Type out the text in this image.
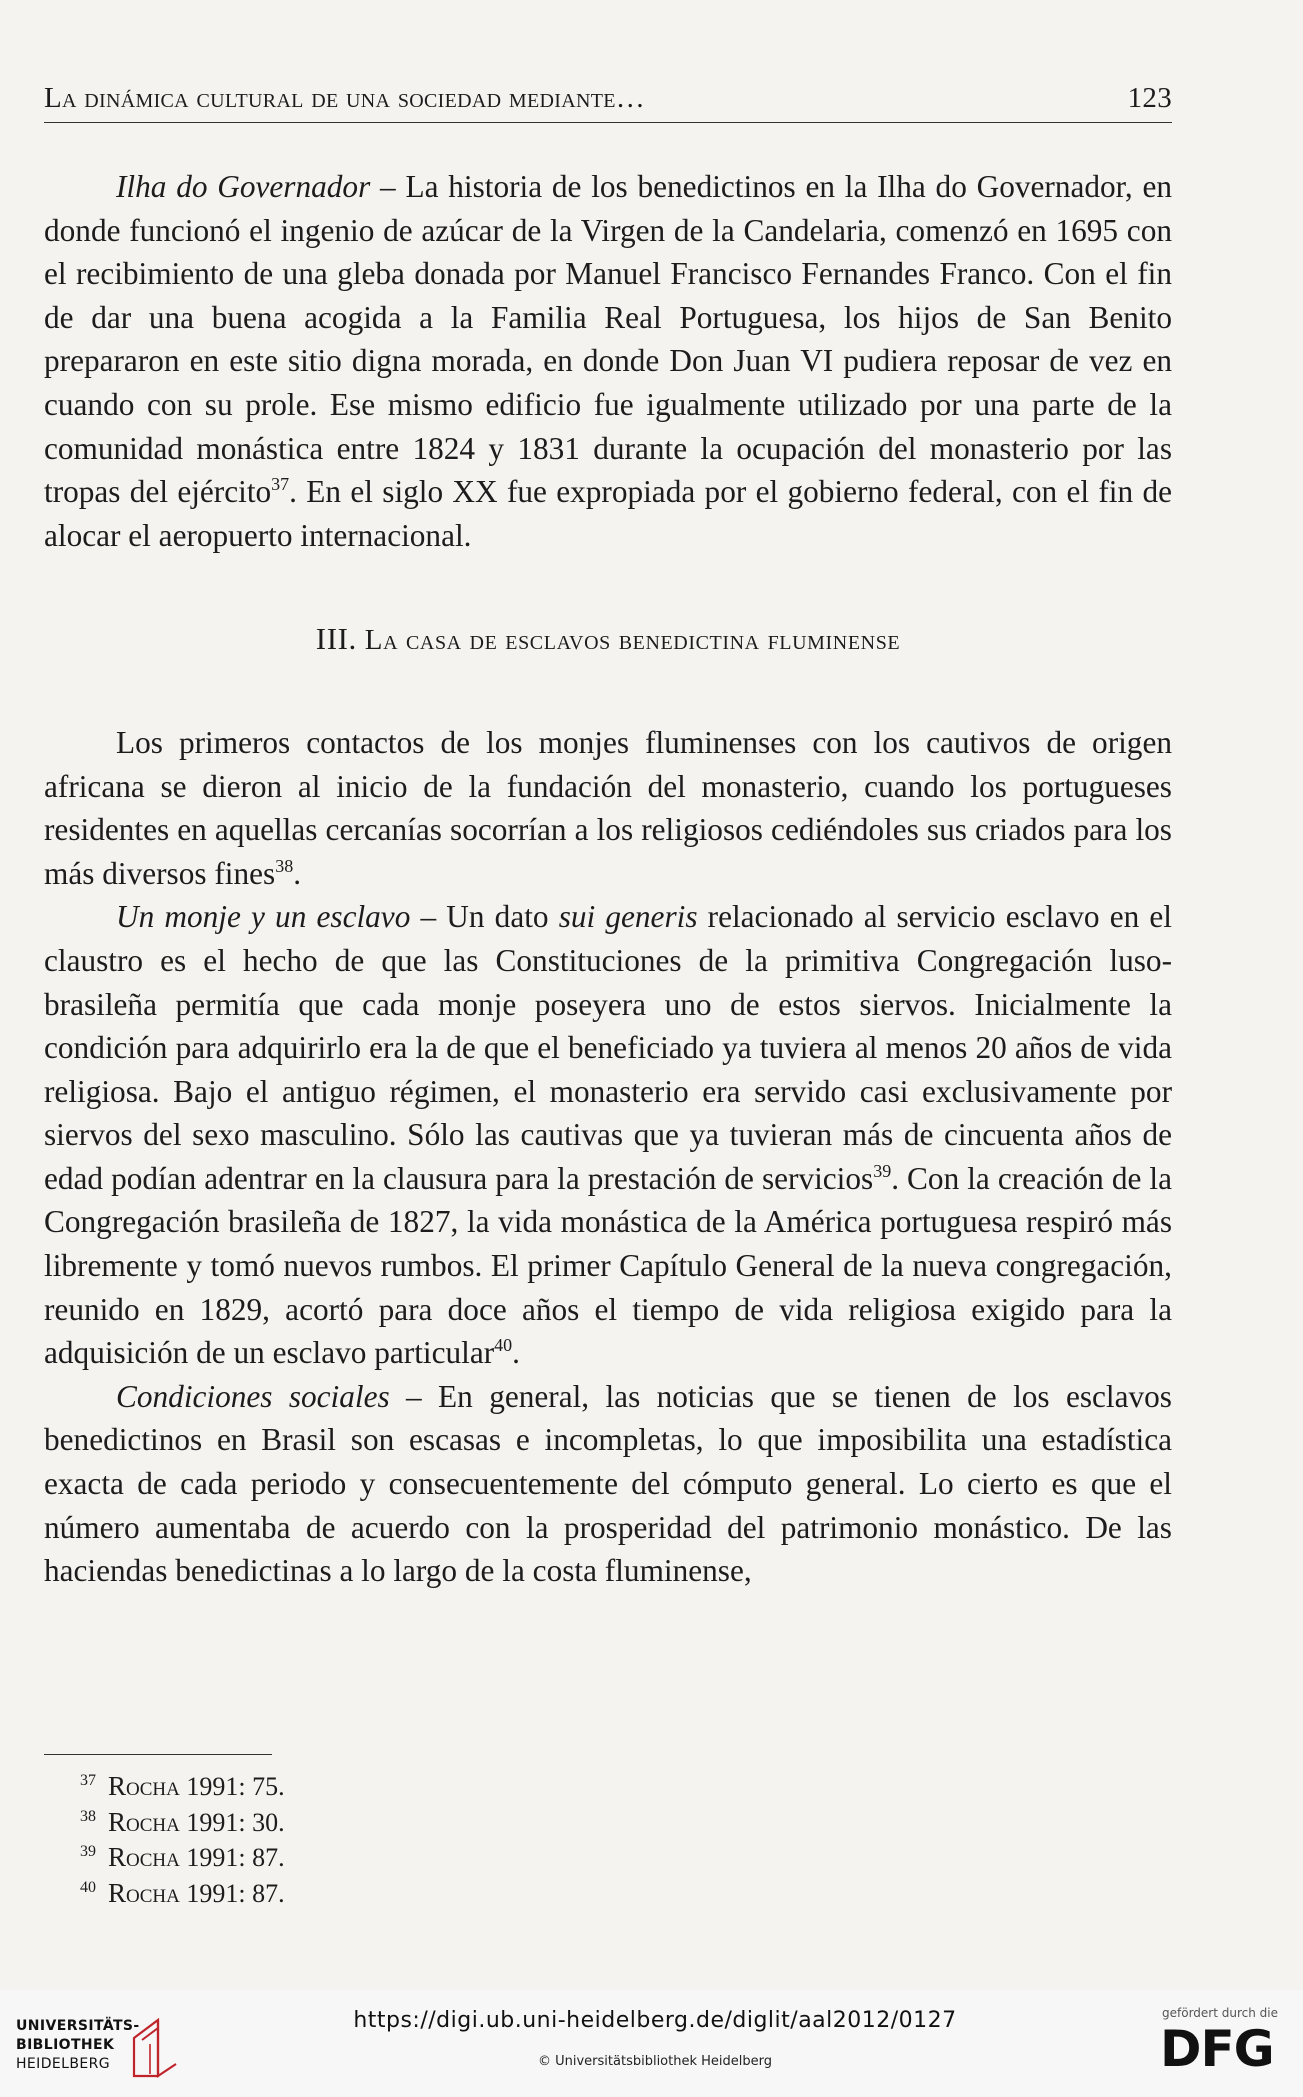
La dinámica cultural de una sociedad mediante…	123

Ilha do Governador – La historia de los benedictinos en la Ilha do Governador, en donde funcionó el ingenio de azúcar de la Virgen de la Candelaria, comenzó en 1695 con el recibimiento de una gleba donada por Manuel Francisco Fernandes Franco. Con el fin de dar una buena acogida a la Familia Real Portuguesa, los hijos de San Benito prepararon en este sitio digna morada, en donde Don Juan VI pudiera reposar de vez en cuando con su prole. Ese mismo edificio fue igualmente utilizado por una parte de la comunidad monástica entre 1824 y 1831 durante la ocupación del monasterio por las tropas del ejército$^{37}$. En el siglo XX fue expropiada por el gobierno federal, con el fin de alocar el aeropuerto internacional.

III. La casa de esclavos benedictina fluminense

Los primeros contactos de los monjes fluminenses con los cautivos de origen africana se dieron al inicio de la fundación del monasterio, cuando los portugueses residentes en aquellas cercanías socorrían a los religiosos cediéndoles sus criados para los más diversos fines$^{38}$.

Un monje y un esclavo – Un dato sui generis relacionado al servicio esclavo en el claustro es el hecho de que las Constituciones de la primitiva Congregación luso-brasileña permitía que cada monje poseyera uno de estos siervos. Inicialmente la condición para adquirirlo era la de que el beneficiado ya tuviera al menos 20 años de vida religiosa. Bajo el antiguo régimen, el monasterio era servido casi exclusivamente por siervos del sexo masculino. Sólo las cautivas que ya tuvieran más de cincuenta años de edad podían adentrar en la clausura para la prestación de servicios$^{39}$. Con la creación de la Congregación brasileña de 1827, la vida monástica de la América portuguesa respiró más libremente y tomó nuevos rumbos. El primer Capítulo General de la nueva congregación, reunido en 1829, acortó para doce años el tiempo de vida religiosa exigido para la adquisición de un esclavo particular$^{40}$.

Condiciones sociales – En general, las noticias que se tienen de los esclavos benedictinos en Brasil son escasas e incompletas, lo que imposibilita una estadística exacta de cada periodo y consecuentemente del cómputo general. Lo cierto es que el número aumentaba de acuerdo con la prosperidad del patrimonio monástico. De las haciendas benedictinas a lo largo de la costa fluminense,

$^{37}$ Rocha 1991: 75.
$^{38}$ Rocha 1991: 30.
$^{39}$ Rocha 1991: 87.
$^{40}$ Rocha 1991: 87.
UNIVERSITÄTS-
BIBLIOTHEK
HEIDELBERG
https://digi.ub.uni-heidelberg.de/diglit/aal2012/0127
© Universitätsbibliothek Heidelberg
gefördert durch die
DFG
